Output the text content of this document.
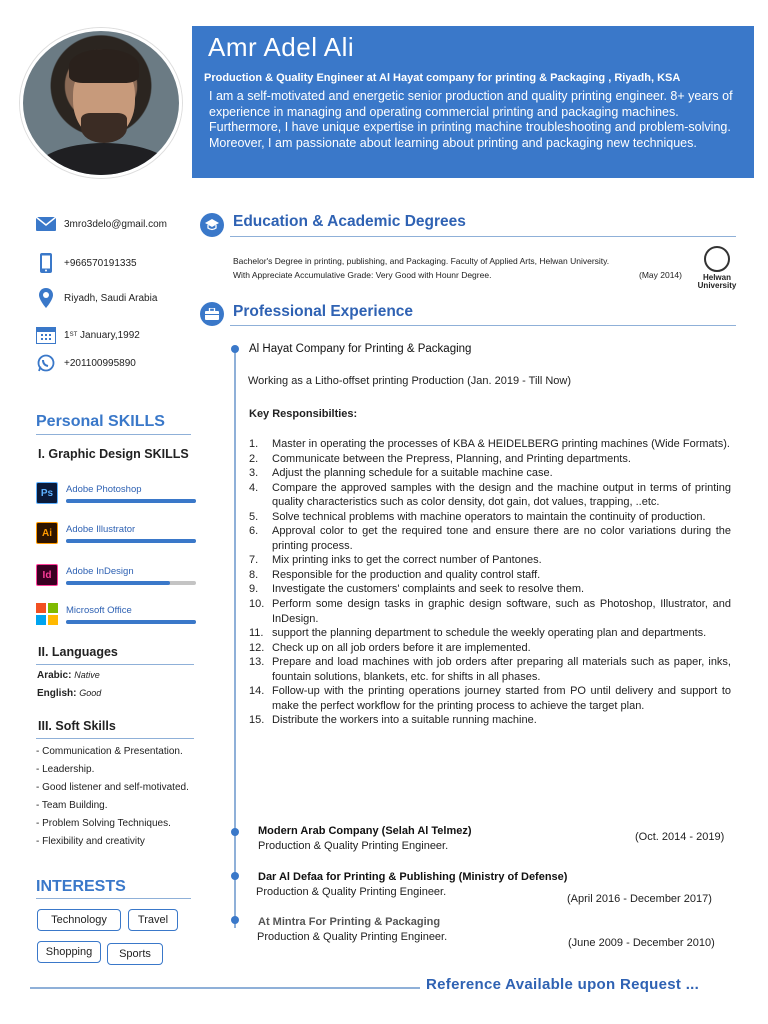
Amr Adel Ali
Production & Quality Engineer at Al Hayat company for printing & Packaging , Riyadh, KSA
I am a self-motivated and energetic senior production and quality printing engineer. 8+ years of experience in managing and operating commercial printing and packaging machines. Furthermore, I have unique expertise in printing machine troubleshooting and problem-solving. Moreover, I am passionate about learning about printing and packaging new techniques.
3mro3delo@gmail.com
+966570191335
Riyadh, Saudi Arabia
1 ST January,1992
+201100995890
Personal SKILLS
I. Graphic Design SKILLS
Ps	Adobe Photoshop
Ai	Adobe Illustrator
Id	Adobe InDesign
Microsoft Office
II. Languages
Arabic: Native
English: Good
III. Soft Skills
- Communication & Presentation.
- Leadership.
- Good listener and self-motivated.
- Team Building.
- Problem Solving Techniques.
- Flexibility and creativity
INTERESTS
Technology	Travel
Shopping	Sports
Education & Academic Degrees
Bachelor's Degree in printing, publishing, and Packaging. Faculty of Applied Arts, Helwan University.
With Appreciate Accumulative Grade: Very Good with Hounr Degree.	(May 2014)	Helwan
University
Professional Experience
Al Hayat Company for Printing & Packaging
Working as a Litho-offset printing Production (Jan. 2019 - Till Now)
Key Responsibilties:
1.	Master in operating the processes of KBA & HEIDELBERG printing machines (Wide Formats).
2.	Communicate between the Prepress, Planning, and Printing departments.
3.	Adjust the planning schedule for a suitable machine case.
4.	Compare the approved samples with the design and the machine output in terms of printing quality characteristics such as color density, dot gain, dot values, trapping, ..etc.
5.	Solve technical problems with machine operators to maintain the continuity of production.
6.	Approval color to get the required tone and ensure there are no color variations during the printing process.
7.	Mix printing inks to get the correct number of Pantones.
8.	Responsible for the production and quality control staff.
9.	Investigate the customers' complaints and seek to resolve them.
10. Perform some design tasks in graphic design software, such as Photoshop, Illustrator, and InDesign.
11. support the planning department to schedule the weekly operating plan and departments.
12. Check up on all job orders before it are implemented.
13. Prepare and load machines with job orders after preparing all materials such as paper, inks, fountain solutions, blankets, etc. for shifts in all phases.
14. Follow-up with the printing operations journey started from PO until delivery and support to make the perfect workflow for the printing process to achieve the target plan.
15. Distribute the workers into a suitable running machine.
Modern Arab Company (Selah Al Telmez)
Production & Quality Printing Engineer.
(Oct. 2014 - 2019)
Dar Al Defaa for Printing & Publishing (Ministry of Defense)
Production & Quality Printing Engineer.
(April 2016 - December 2017)
At Mintra For Printing & Packaging
Production & Quality Printing Engineer.	(June 2009 - December 2010)
Reference Available upon Request ...
